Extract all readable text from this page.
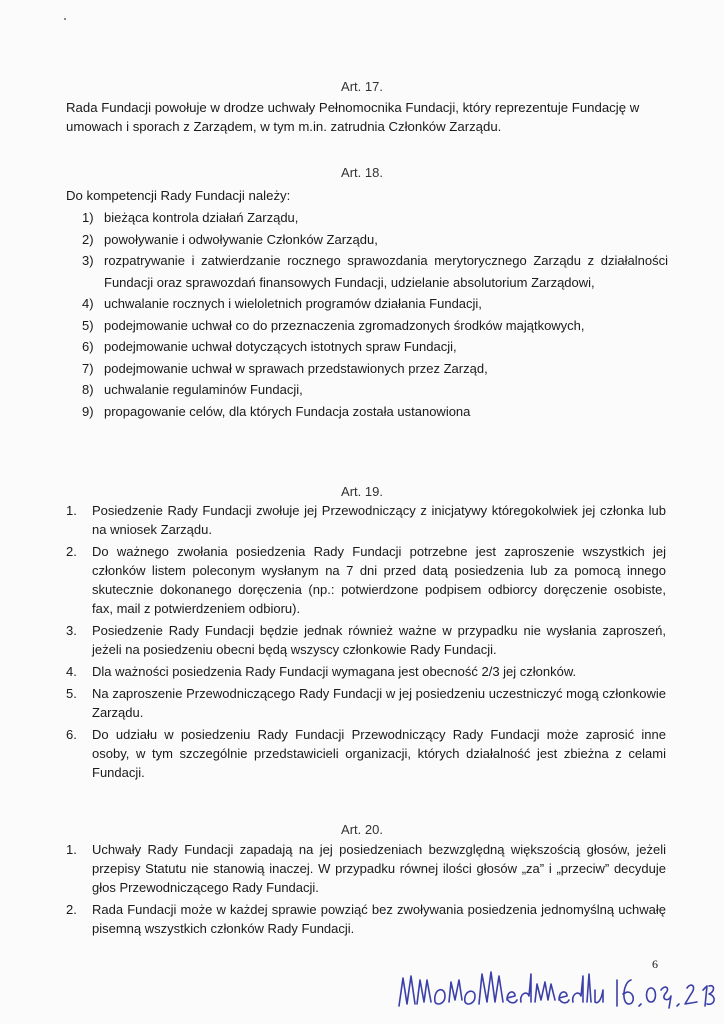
Art. 17.
Rada Fundacji powołuje w drodze uchwały Pełnomocnika Fundacji, który reprezentuje Fundację w umowach i sporach z Zarządem, w tym m.in. zatrudnia Członków Zarządu.
Art. 18.
Do kompetencji Rady Fundacji należy:
1) bieżąca kontrola działań Zarządu,
2) powoływanie i odwoływanie Członków Zarządu,
3) rozpatrywanie i zatwierdzanie rocznego sprawozdania merytorycznego Zarządu z działalności Fundacji oraz sprawozdań finansowych Fundacji, udzielanie absolutorium Zarządowi,
4) uchwalanie rocznych i wieloletnich programów działania Fundacji,
5) podejmowanie uchwał co do przeznaczenia zgromadzonych środków majątkowych,
6) podejmowanie uchwał dotyczących istotnych spraw Fundacji,
7) podejmowanie uchwał w sprawach przedstawionych przez Zarząd,
8) uchwalanie regulaminów Fundacji,
9) propagowanie celów, dla których Fundacja została ustanowiona
Art. 19.
1. Posiedzenie Rady Fundacji zwołuje jej Przewodniczący z inicjatywy któregokolwiek jej członka lub na wniosek Zarządu.
2. Do ważnego zwołania posiedzenia Rady Fundacji potrzebne jest zaproszenie wszystkich jej członków listem poleconym wysłanym na 7 dni przed datą posiedzenia lub za pomocą innego skutecznie dokonanego doręczenia (np.: potwierdzone podpisem odbiorcy doręczenie osobiste, fax, mail z potwierdzeniem odbioru).
3. Posiedzenie Rady Fundacji będzie jednak również ważne w przypadku nie wysłania zaproszeń, jeżeli na posiedzeniu obecni będą wszyscy członkowie Rady Fundacji.
4. Dla ważności posiedzenia Rady Fundacji wymagana jest obecność 2/3 jej członków.
5. Na zaproszenie Przewodniczącego Rady Fundacji w jej posiedzeniu uczestniczyć mogą członkowie Zarządu.
6. Do udziału w posiedzeniu Rady Fundacji Przewodniczący Rady Fundacji może zaprosić inne osoby, w tym szczególnie przedstawicieli organizacji, których działalność jest zbieżna z celami Fundacji.
Art. 20.
1. Uchwały Rady Fundacji zapadają na jej posiedzeniach bezwzględną większością głosów, jeżeli przepisy Statutu nie stanowią inaczej. W przypadku równej ilości głosów „za” i „przeciw” decyduje głos Przewodniczącego Rady Fundacji.
2. Rada Fundacji może w każdej sprawie powziąć bez zwoływania posiedzenia jednomyślną uchwałę pisemną wszystkich członków Rady Fundacji.
6
